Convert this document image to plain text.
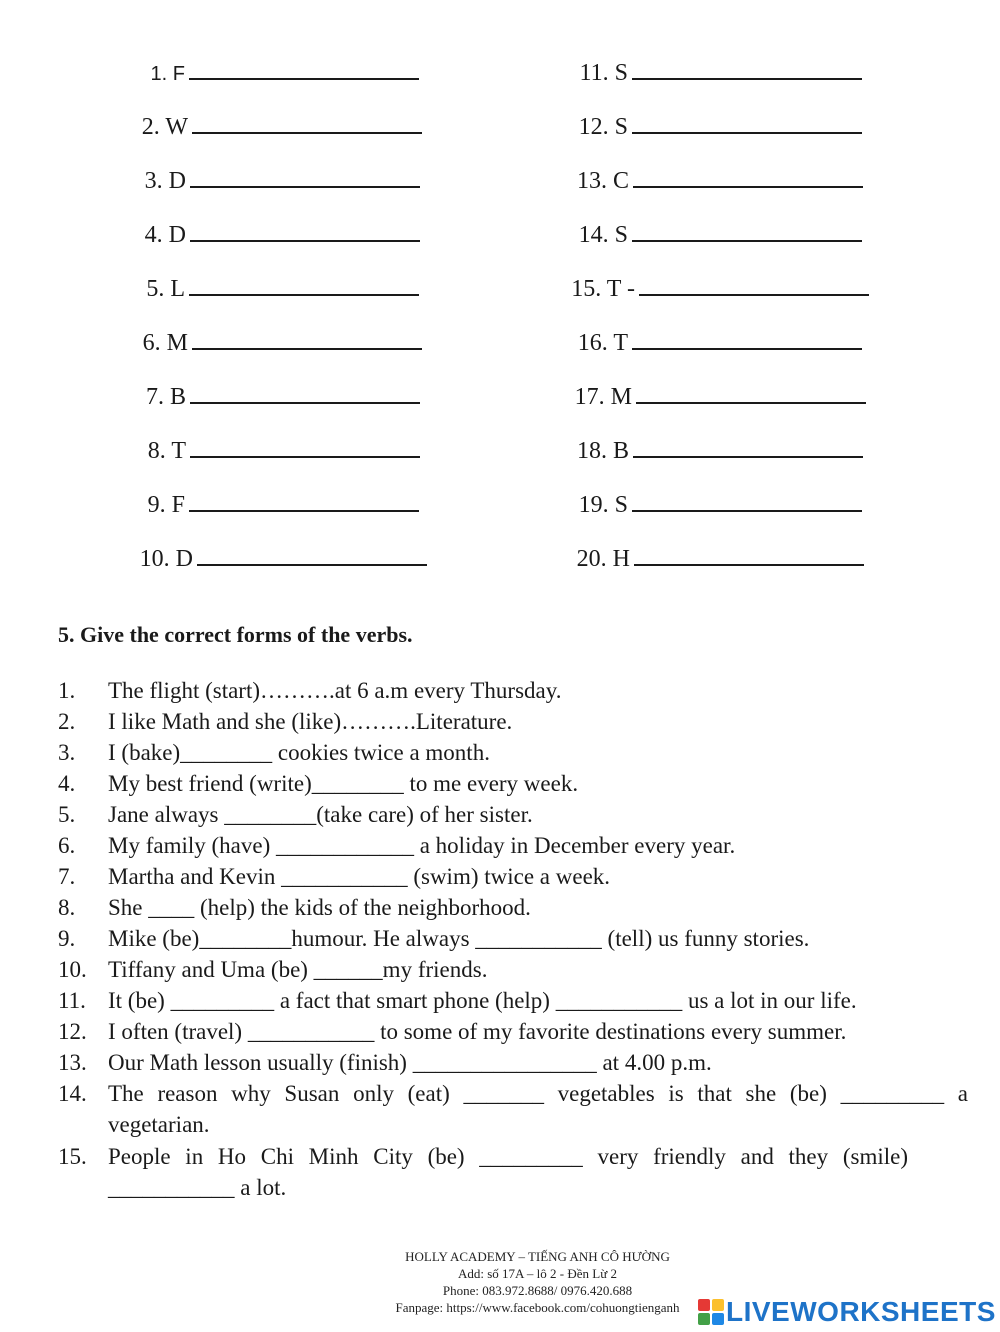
1. F
2. W
3. D
4. D
5. L
6. M
7. B
8. T
9. F
10. D
11. S
12. S
13. C
14. S
15. T -
16. T
17. M
18. B
19. S
20. H
5. Give the correct forms of the verbs.
1.	The flight (start)……….at 6 a.m every Thursday.
2.	I like Math and she (like)……….Literature.
3.	I (bake)________ cookies twice a month.
4.	My best friend (write)________ to me every week.
5.	Jane always ________(take care) of her sister.
6.	My family (have) ____________ a holiday in December every year.
7.	Martha and Kevin ___________ (swim) twice a week.
8.	She ____ (help) the kids of the neighborhood.
9.	Mike (be)________humour. He always ___________ (tell) us funny stories.
10. Tiffany and Uma (be) ______my friends.
11. It (be) _________ a fact that smart phone (help) ___________ us a lot in our life.
12. I often (travel) ___________ to some of my favorite destinations every summer.
13. Our Math lesson usually (finish) ________________ at 4.00 p.m.
14. The reason why Susan only (eat) _______ vegetables is that she (be) _________ a vegetarian.
15. People in Ho Chi Minh City (be) _________ very friendly and they (smile) ___________ a lot.
HOLLY ACADEMY – TIẾNG ANH CÔ HƯỜNG
Add: số 17A – lô 2 - Đền Lừ 2
Phone: 083.972.8688/ 0976.420.688
Fanpage: https://www.facebook.com/cohuongtienganh	LIVEWORKSHEETS
